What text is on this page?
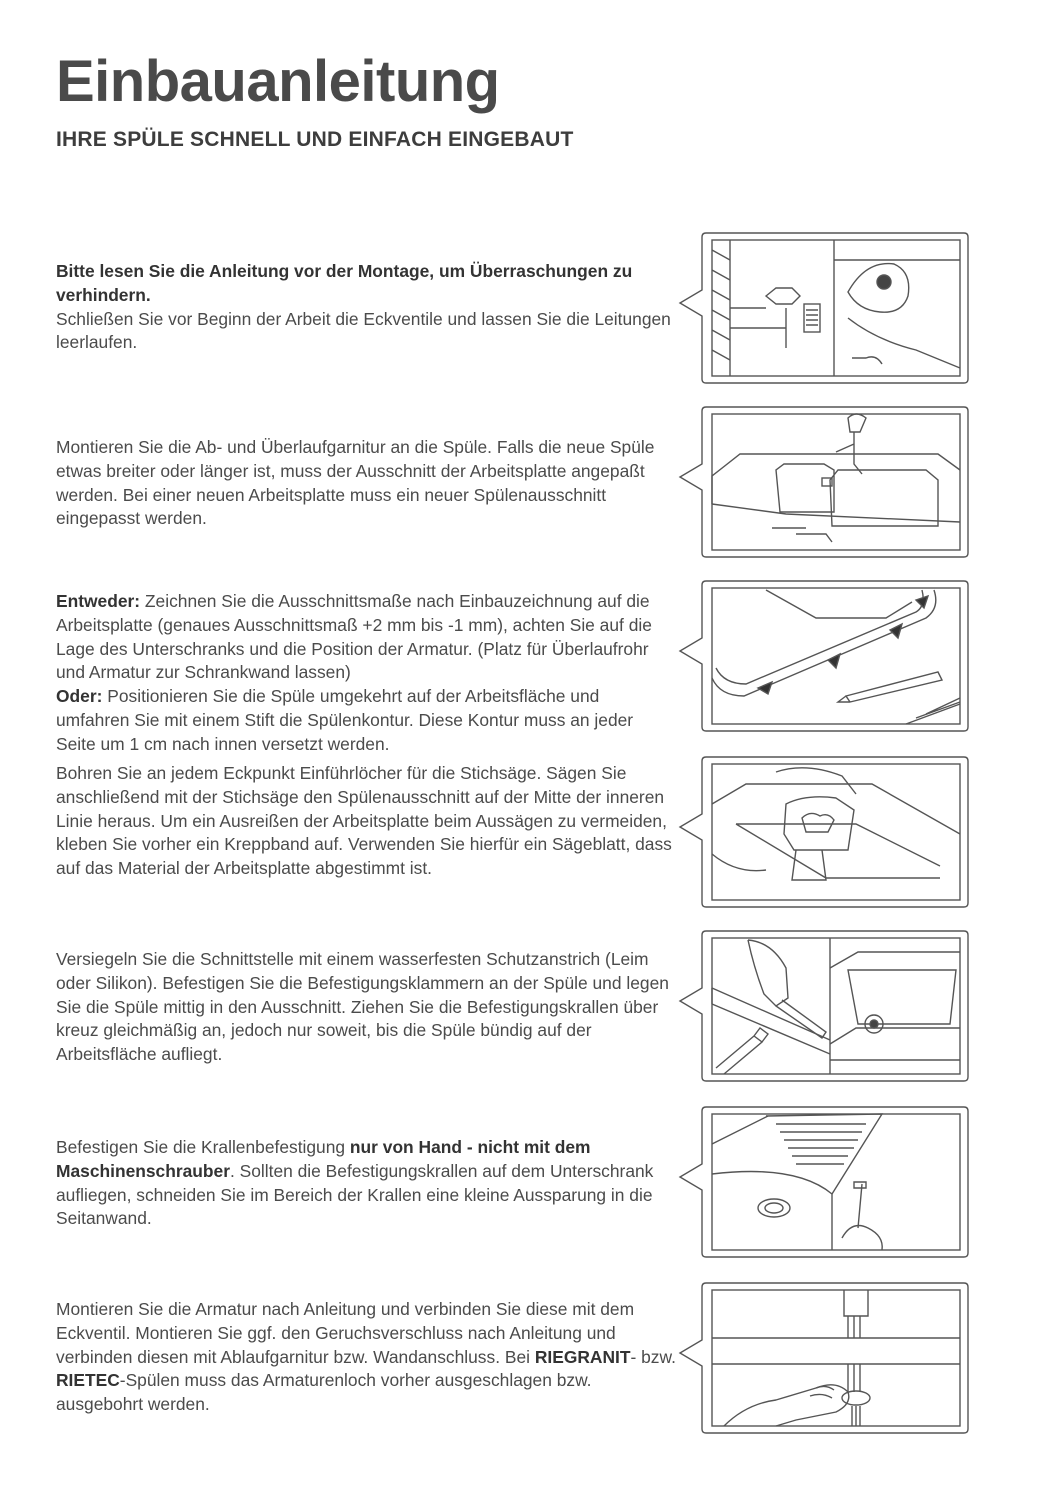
Einbauanleitung
IHRE SPÜLE SCHNELL UND EINFACH EINGEBAUT

Bitte lesen Sie die Anleitung vor der Montage, um Überraschungen zu verhindern.

Schließen Sie vor Beginn der Arbeit die Eckventile und lassen Sie die Leitungen leerlaufen.

Montieren Sie die Ab- und Überlaufgarnitur an die Spüle. Falls die neue Spüle etwas breiter oder länger ist, muss der Ausschnitt der Arbeitsplatte angepaßt werden. Bei einer neuen Arbeitsplatte muss ein neuer Spülenausschnitt eingepasst werden.

Entweder: Zeichnen Sie die Ausschnittsmaße nach Einbauzeichnung auf die Arbeitsplatte (genaues Ausschnittsmaß +2 mm bis -1 mm), achten Sie auf die Lage des Unterschranks und die Position der Armatur. (Platz für Überlaufrohr und Armatur zur Schrankwand lassen)

Oder: Positionieren Sie die Spüle umgekehrt auf der Arbeitsfläche und umfahren Sie mit einem Stift die Spülenkontur. Diese Kontur muss an jeder Seite um 1 cm nach innen versetzt werden.

Bohren Sie an jedem Eckpunkt Einführlöcher für die Stichsäge. Sägen Sie anschließend mit der Stichsäge den Spülenausschnitt auf der Mitte der inneren Linie heraus. Um ein Ausreißen der Arbeitsplatte beim Aussägen zu vermeiden, kleben Sie vorher ein Kreppband auf. Verwenden Sie hierfür ein Sägeblatt, dass auf das Material der Arbeitsplatte abgestimmt ist.

Versiegeln Sie die Schnittstelle mit einem wasserfesten Schutzanstrich (Leim oder Silikon). Befestigen Sie die Befestigungsklammern an der Spüle und legen Sie die Spüle mittig in den Ausschnitt. Ziehen Sie die Befestigungskrallen über kreuz gleichmäßig an, jedoch nur soweit, bis die Spüle bündig auf der Arbeitsfläche aufliegt.

Befestigen Sie die Krallenbefestigung nur von Hand - nicht mit dem Maschinenschrauber. Sollten die Befestigungskrallen auf dem Unterschrank aufliegen, schneiden Sie im Bereich der Krallen eine kleine Aussparung in die Seitanwand.

Montieren Sie die Armatur nach Anleitung und verbinden Sie diese mit dem Eckventil. Montieren Sie ggf. den Geruchsverschluss nach Anleitung und verbinden diesen mit Ablaufgarnitur bzw. Wandanschluss. Bei RIEGRANIT- bzw. RIETEC-Spülen muss das Armaturenloch vorher ausgeschlagen bzw. ausgebohrt werden.
